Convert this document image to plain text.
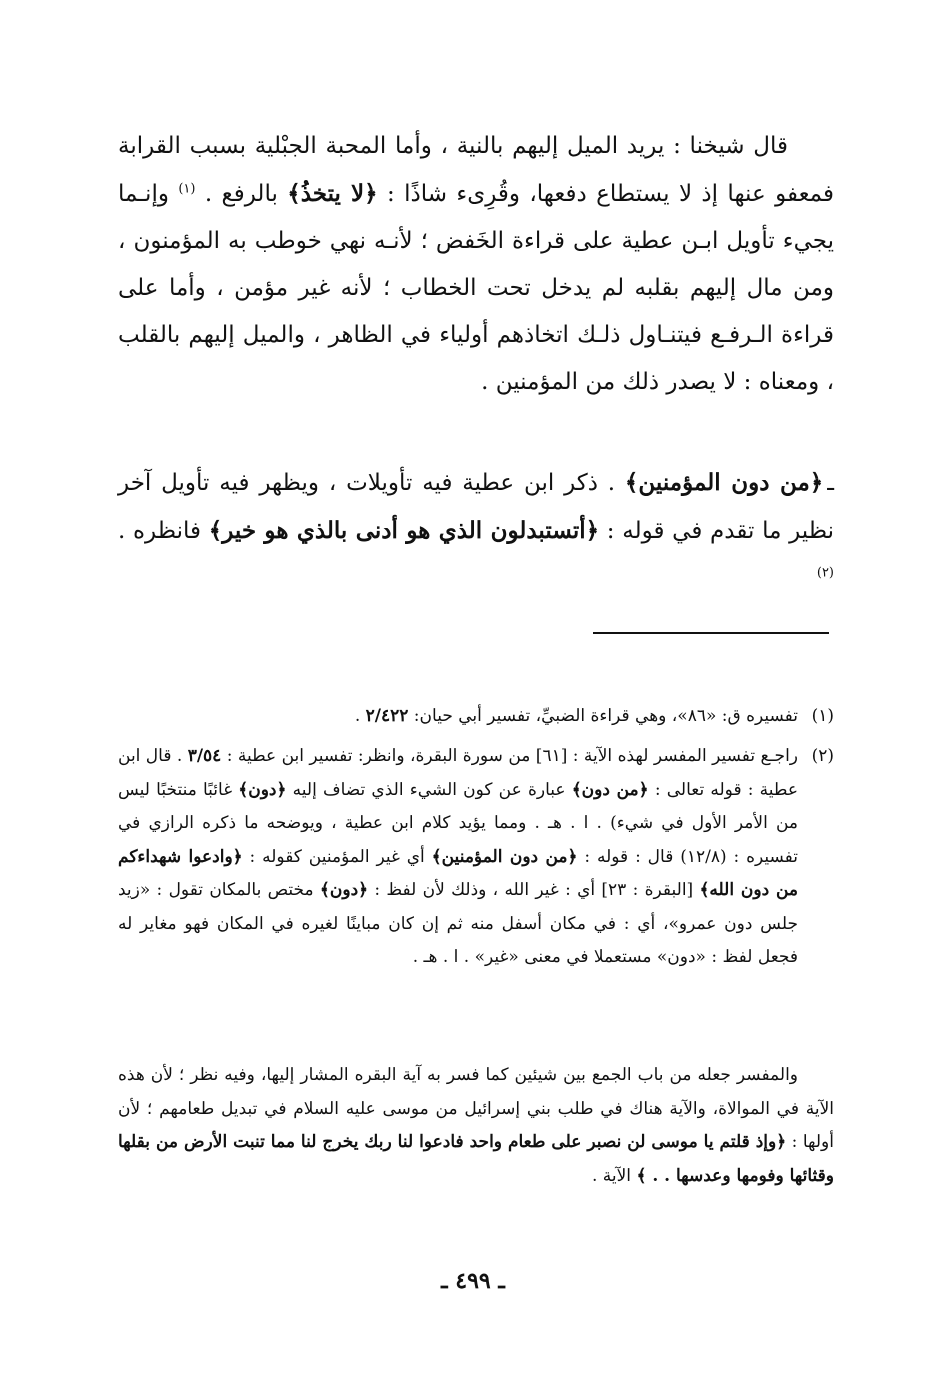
قال شيخنا : يريد الميل إليهم بالنية ، وأما المحبة الجبْلية بسبب القرابة فمعفو عنها إذ لا يستطاع دفعها، وقُرِىء شاذًا : ﴿لا يتخذُ﴾ بالرفع . $^{(١)}$ وإنـما يجيء تأويل ابـن عطية على قراءة الخَفض ؛ لأنـه نهي خوطب به المؤمنون ، ومن مال إليهم بقلبه لم يدخل تحت الخطاب ؛ لأنه غير مؤمن ، وأما على قراءة الـرفـع فيتنـاول ذلـك اتخاذهم أولياء في الظاهر ، والميل إليهم بالقلب ، ومعناه : لا يصدر ذلك من المؤمنين .

ـ﴿من دون المؤمنين﴾ . ذكر ابن عطية فيه تأويلات ، ويظهر فيه تأويل آخر نظير ما تقدم في قوله : ﴿أتستبدلون الذي هو أدنى بالذي هو خير﴾ فانظره . $^{(٢)}$

(١)
تفسيره ق: «٨٦»، وهي قراءة الضبيِّ، تفسير أبي حيان: ٢/٤٢٢ .
(٢)
راجـع تفسير المفسر لهذه الآية : [٦١] من سورة البقرة، وانظر: تفسير ابن عطية : ٣/٥٤ . قال ابن عطية : قوله تعالى : ﴿من دون﴾ عبارة عن كون الشيء الذي تضاف إليه ﴿دون﴾ غائبًا منتخبًا ليس من الأمر الأول في شيء) . ا . هـ . ومما يؤيد كلام ابن عطية ، ويوضحه ما ذكره الرازي في تفسيره : (١٢/٨) قال : قوله : ﴿من دون المؤمنين﴾ أي غير المؤمنين كقوله : ﴿وادعوا شهداءكم من دون الله﴾ [البقرة : ٢٣] أي : غير الله ، وذلك لأن لفظ : ﴿دون﴾ مختص بالمكان تقول : «زيد جلس دون عمرو»، أي : في مكان أسفل منه ثم إن كان مباينًا لغيره في المكان فهو مغاير له فجعل لفظ : «دون» مستعملا في معنى «غير» . ا . هـ .

والمفسر جعله من باب الجمع بين شيئين كما فسر به آية البقره المشار إليها، وفيه نظر ؛ لأن هذه الآية في الموالاة، والآية هناك في طلب بني إسرائيل من موسى عليه السلام في تبديل طعامهم ؛ لأن أولها : ﴿وإذ قلتم يا موسى لن نصبر على طعام واحد فادعوا لنا ربك يخرج لنا مما تنبت الأرض من بقلها وقثائها وفومها وعدسها . . ﴾ الآية .

ـ ٤٩٩ ـ
